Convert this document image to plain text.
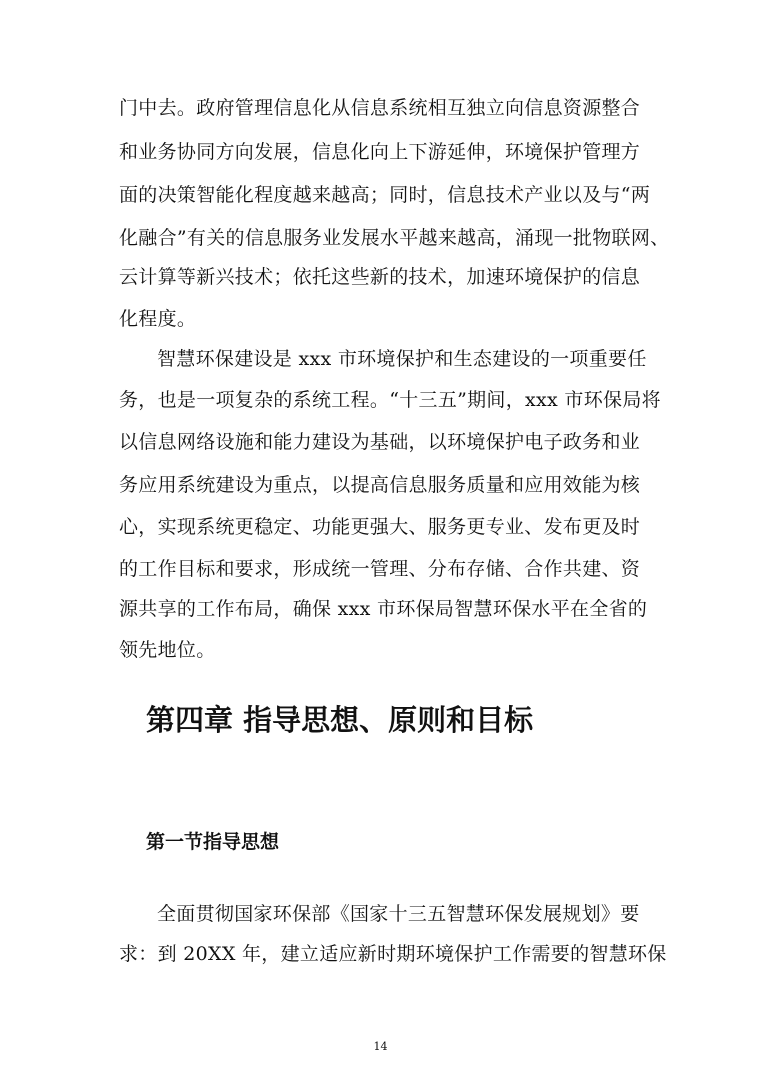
门中去。政府管理信息化从信息系统相互独立向信息资源整合
和业务协同方向发展，信息化向上下游延伸，环境保护管理方
面的决策智能化程度越来越高；同时，信息技术产业以及与“两
化融合”有关的信息服务业发展水平越来越高，涌现一批物联网、
云计算等新兴技术；依托这些新的技术，加速环境保护的信息
化程度。
智慧环保建设是 xxx 市环境保护和生态建设的一项重要任
务，也是一项复杂的系统工程。“十三五”期间，xxx 市环保局将
以信息网络设施和能力建设为基础，以环境保护电子政务和业
务应用系统建设为重点，以提高信息服务质量和应用效能为核
心，实现系统更稳定、功能更强大、服务更专业、发布更及时
的工作目标和要求，形成统一管理、分布存储、合作共建、资
源共享的工作布局，确保 xxx 市环保局智慧环保水平在全省的
领先地位。
第四章 指导思想、原则和目标
第一节指导思想
全面贯彻国家环保部《国家十三五智慧环保发展规划》要
求：到 20XX 年，建立适应新时期环境保护工作需要的智慧环保
14
